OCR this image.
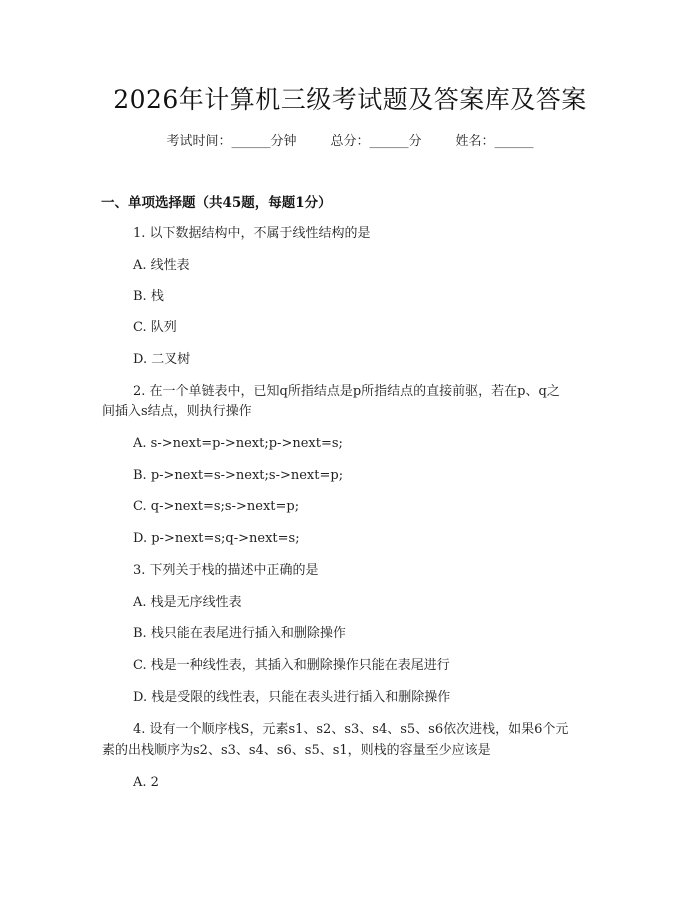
2026年计算机三级考试题及答案库及答案
考试时间：______分钟	总分：______分	姓名：______
一、单项选择题（共45题，每题1分）
1. 以下数据结构中，不属于线性结构的是
A. 线性表
B. 栈
C. 队列
D. 二叉树
2. 在一个单链表中，已知q所指结点是p所指结点的直接前驱，若在p、q之
间插入s结点，则执行操作
A. s->next=p->next;p->next=s;
B. p->next=s->next;s->next=p;
C. q->next=s;s->next=p;
D. p->next=s;q->next=s;
3. 下列关于栈的描述中正确的是
A. 栈是无序线性表
B. 栈只能在表尾进行插入和删除操作
C. 栈是一种线性表，其插入和删除操作只能在表尾进行
D. 栈是受限的线性表，只能在表头进行插入和删除操作
4. 设有一个顺序栈S，元素s1、s2、s3、s4、s5、s6依次进栈，如果6个元
素的出栈顺序为s2、s3、s4、s6、s5、s1，则栈的容量至少应该是
A. 2
